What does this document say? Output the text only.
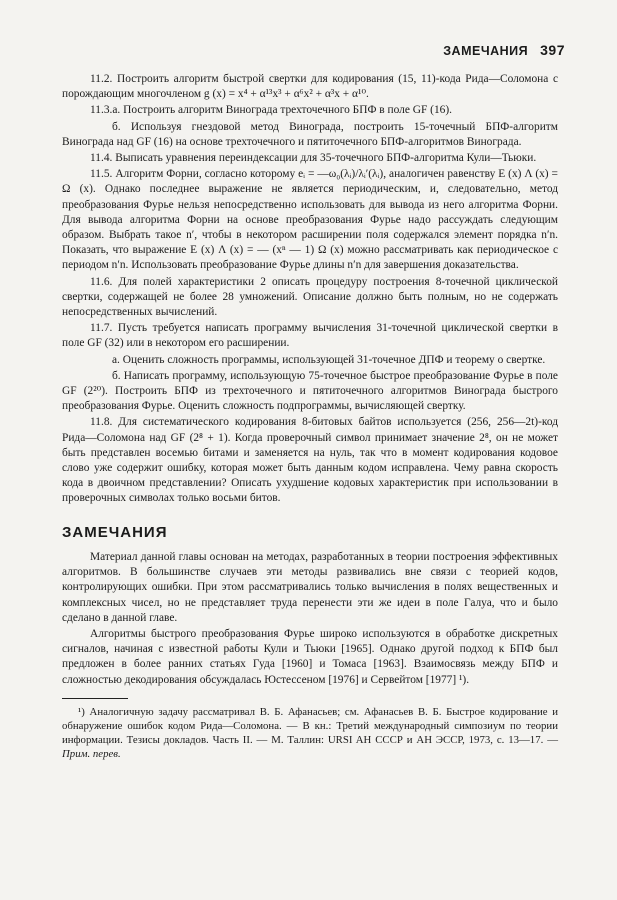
ЗАМЕЧАНИЯ 397

11.2. Построить алгоритм быстрой свертки для кодирования (15, 11)-кода Рида—Соломона с порождающим многочленом g (x) = x⁴ + α¹³x³ + α⁶x² + α³x + α¹⁰.

11.3.а. Построить алгоритм Винограда трехточечного БПФ в поле GF (16).

б. Используя гнездовой метод Винограда, построить 15-точечный БПФ-алгоритм Винограда над GF (16) на основе трехточечного и пятиточечного БПФ-алгоритмов Винограда.

11.4. Выписать уравнения переиндексации для 35-точечного БПФ-алгоритма Кули—Тьюки.

11.5. Алгоритм Форни, согласно которому eᵢ = —ω₀(λᵢ)/λᵢ′(λᵢ), аналогичен равенству E (x) Λ (x) = Ω (x). Однако последнее выражение не является периодическим, и, следовательно, метод преобразования Фурье нельзя непосредственно использовать для вывода из него алгоритма Форни. Для вывода алгоритма Форни на основе преобразования Фурье надо рассуждать следующим образом. Выбрать такое n′, чтобы в некотором расширении поля содержался элемент порядка n′n. Показать, что выражение E (x) Λ (x) = — (xⁿ — 1) Ω (x) можно рассматривать как периодическое с периодом n′n. Использовать преобразование Фурье длины n′n для завершения доказательства.

11.6. Для полей характеристики 2 описать процедуру построения 8-точечной циклической свертки, содержащей не более 28 умножений. Описание должно быть полным, но не содержать непосредственных вычислений.

11.7. Пусть требуется написать программу вычисления 31-точечной циклической свертки в поле GF (32) или в некотором его расширении.

а. Оценить сложность программы, использующей 31-точечное ДПФ и теорему о свертке.

б. Написать программу, использующую 75-точечное быстрое преобразование Фурье в поле GF (2²⁰). Построить БПФ из трехточечного и пятиточечного алгоритмов Винограда быстрого преобразования Фурье. Оценить сложность подпрограммы, вычисляющей свертку.

11.8. Для систематического кодирования 8-битовых байтов используется (256, 256—2t)-код Рида—Соломона над GF (2⁸ + 1). Когда проверочный символ принимает значение 2⁸, он не может быть представлен восемью битами и заменяется на нуль, так что в момент кодирования кодовое слово уже содержит ошибку, которая может быть данным кодом исправлена. Чему равна скорость кода в двоичном представлении? Описать ухудшение кодовых характеристик при использовании в проверочных символах только восьми битов.

ЗАМЕЧАНИЯ

Материал данной главы основан на методах, разработанных в теории построения эффективных алгоритмов. В большинстве случаев эти методы развивались вне связи с теорией кодов, контролирующих ошибки. При этом рассматривались только вычисления в полях вещественных и комплексных чисел, но не представляет труда перенести эти же идеи в поле Галуа, что и было сделано в данной главе.

Алгоритмы быстрого преобразования Фурье широко используются в обработке дискретных сигналов, начиная с известной работы Кули и Тьюки [1965]. Однако другой подход к БПФ был предложен в более ранних статьях Гуда [1960] и Томаса [1963]. Взаимосвязь между БПФ и сложностью декодирования обсуждалась Юстессеном [1976] и Сервейтом [1977] ¹).

¹) Аналогичную задачу рассматривал В. Б. Афанасьев; см. Афанасьев В. Б. Быстрое кодирование и обнаружение ошибок кодом Рида—Соломона. — В кн.: Третий международный симпозиум по теории информации. Тезисы докладов. Часть II. — М. Таллин: URSI AH СССР и AH ЭССР, 1973, с. 13—17. — Прим. перев.
